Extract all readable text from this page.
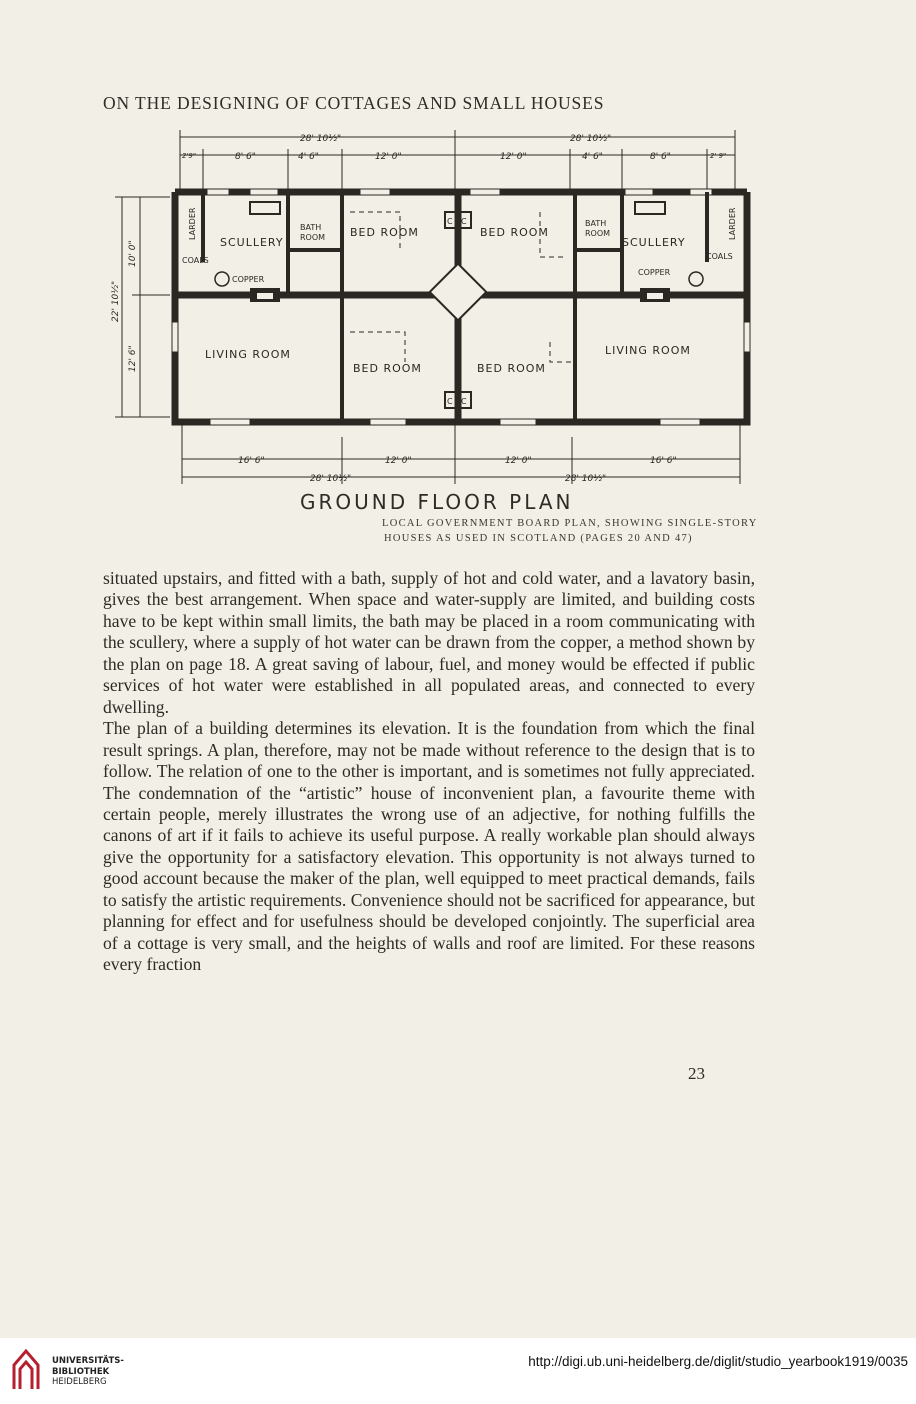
ON THE DESIGNING OF COTTAGES AND SMALL HOUSES
28' 10½"	28' 10½"
2'9"	8' 6"	4' 6"	12' 0"	12' 0"	4' 6"	8' 6"	2' 9"
16' 6"	12' 0"	12' 0"	16' 6"
28' 10½"	28' 10½"
10' 0"
22' 10½"
12' 6"
SCULLERY	SCULLERY
BED ROOM	BED ROOM
LIVING ROOM	LIVING ROOM
BED ROOM	BED ROOM
LARDER	LARDER
COALS	COALS
COPPER
COPPER
BATH
ROOM
BATH
ROOM
C C
C C
GROUND FLOOR PLAN
LOCAL GOVERNMENT BOARD PLAN, SHOWING SINGLE-STORY
HOUSES AS USED IN SCOTLAND (PAGES 20 AND 47)

situated upstairs, and fitted with a bath, supply of hot and cold water, and a lavatory basin, gives the best arrangement. When space and water-supply are limited, and building costs have to be kept within small limits, the bath may be placed in a room communicating with the scullery, where a supply of hot water can be drawn from the copper, a method shown by the plan on page 18. A great saving of labour, fuel, and money would be effected if public services of hot water were established in all populated areas, and connected to every dwelling.

The plan of a building determines its elevation. It is the foundation from which the final result springs. A plan, therefore, may not be made without reference to the design that is to follow. The relation of one to the other is important, and is sometimes not fully appreciated. The condemnation of the “artistic” house of inconvenient plan, a favourite theme with certain people, merely illustrates the wrong use of an adjective, for nothing fulfills the canons of art if it fails to achieve its useful purpose. A really workable plan should always give the opportunity for a satisfactory elevation. This opportunity is not always turned to good account because the maker of the plan, well equipped to meet practical demands, fails to satisfy the artistic requirements. Convenience should not be sacrificed for appearance, but planning for effect and for usefulness should be developed conjointly. The superficial area of a cottage is very small, and the heights of walls and roof are limited. For these reasons every fraction

23
UNIVERSITÄTS-
BIBLIOTHEK
HEIDELBERG
http://digi.ub.uni-heidelberg.de/diglit/studio_yearbook1919/0035
